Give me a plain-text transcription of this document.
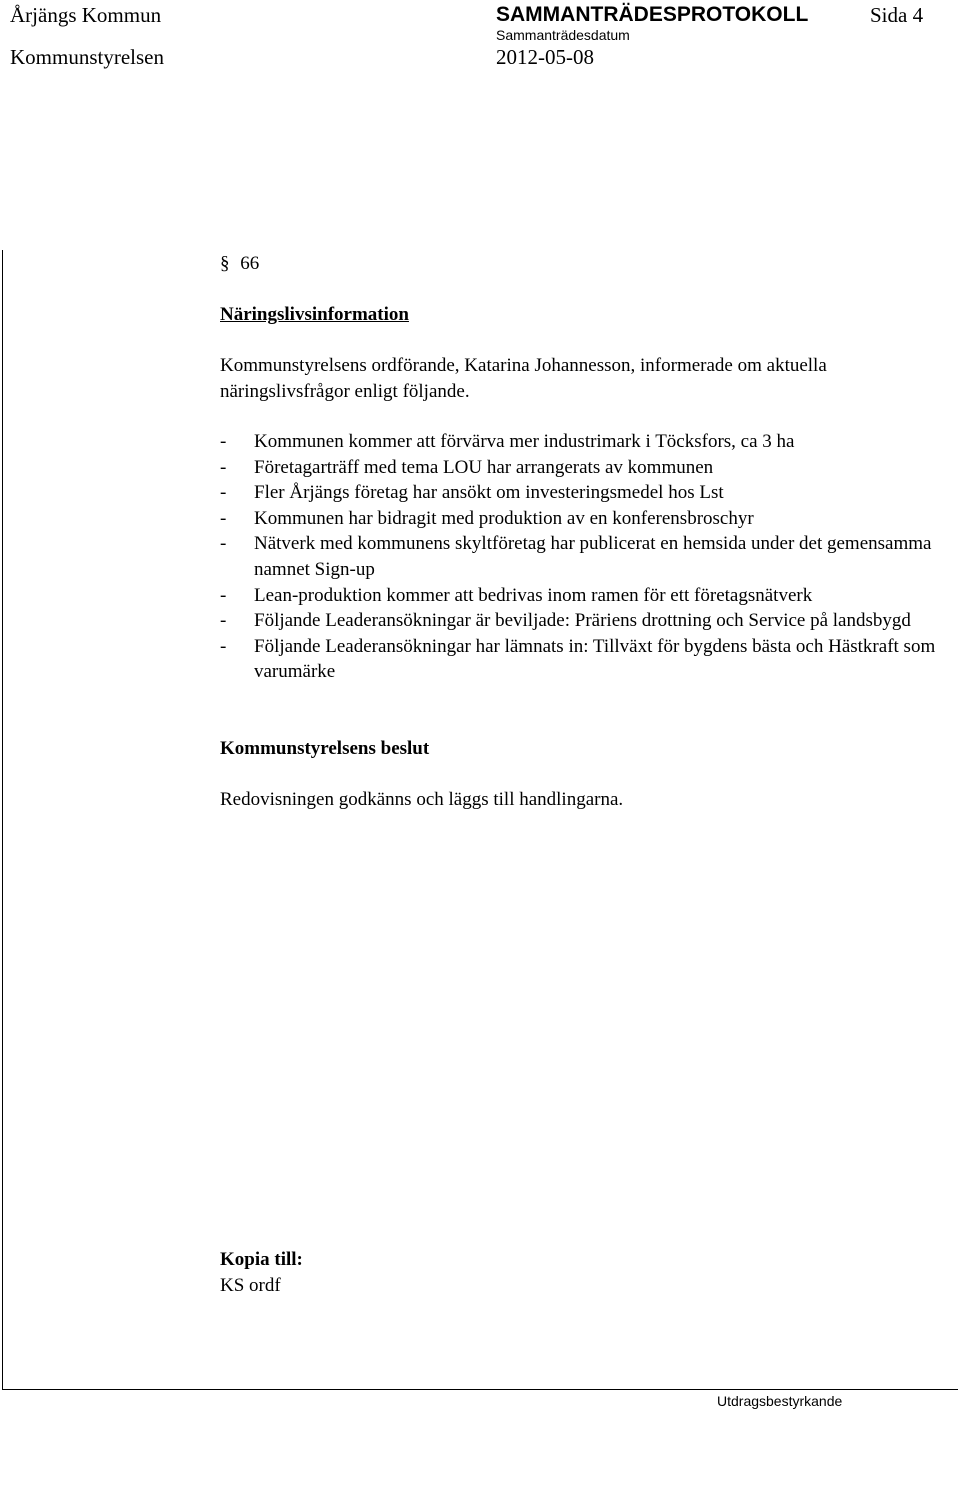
Årjängs Kommun	SAMMANTRÄDESPROTOKOLL	Sida 4
Kommunstyrelsen
Sammanträdesdatum
2012-05-08
§ 66
Näringslivsinformation
Kommunstyrelsens ordförande, Katarina Johannesson, informerade om aktuella näringslivsfrågor enligt följande.
- Kommunen kommer att förvärva mer industrimark i Töcksfors, ca 3 ha
- Företagarträff med tema LOU har arrangerats av kommunen
- Fler Årjängs företag har ansökt om investeringsmedel hos Lst
- Kommunen har bidragit med produktion av en konferensbroschyr
- Nätverk med kommunens skyltföretag har publicerat en hemsida under det gemensamma namnet Sign-up
- Lean-produktion kommer att bedrivas inom ramen för ett företagsnätverk
- Följande Leaderansökningar är beviljade: Präriens drottning och Service på landsbygd
- Följande Leaderansökningar har lämnats in: Tillväxt för bygdens bästa och Hästkraft som varumärke
Kommunstyrelsens beslut
Redovisningen godkänns och läggs till handlingarna.
Kopia till:
KS ordf
Utdragsbestyrkande
